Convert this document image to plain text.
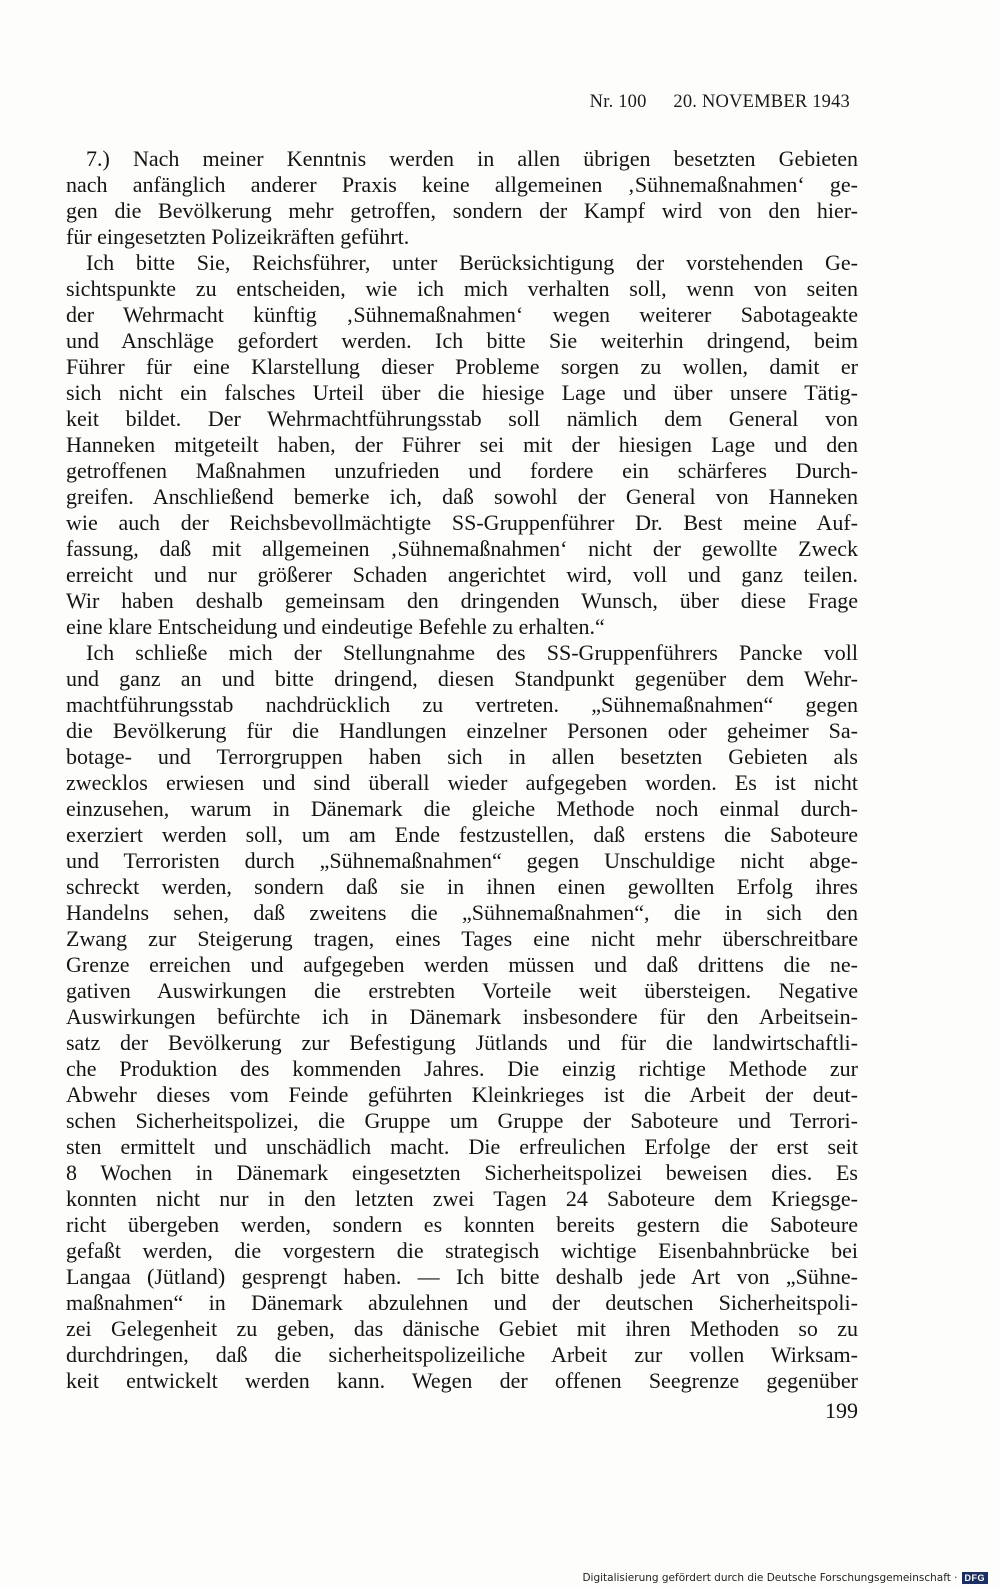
Nr. 100 20. NOVEMBER 1943
7.) Nach meiner Kenntnis werden in allen übrigen besetzten Gebieten
nach anfänglich anderer Praxis keine allgemeinen ‚Sühnemaßnahmen‘ ge-
gen die Bevölkerung mehr getroffen, sondern der Kampf wird von den hier-
für eingesetzten Polizeikräften geführt.
Ich bitte Sie, Reichsführer, unter Berücksichtigung der vorstehenden Ge-
sichtspunkte zu entscheiden, wie ich mich verhalten soll, wenn von seiten
der Wehrmacht künftig ‚Sühnemaßnahmen‘ wegen weiterer Sabotageakte
und Anschläge gefordert werden. Ich bitte Sie weiterhin dringend, beim
Führer für eine Klarstellung dieser Probleme sorgen zu wollen, damit er
sich nicht ein falsches Urteil über die hiesige Lage und über unsere Tätig-
keit bildet. Der Wehrmachtführungsstab soll nämlich dem General von
Hanneken mitgeteilt haben, der Führer sei mit der hiesigen Lage und den
getroffenen Maßnahmen unzufrieden und fordere ein schärferes Durch-
greifen. Anschließend bemerke ich, daß sowohl der General von Hanneken
wie auch der Reichsbevollmächtigte SS-Gruppenführer Dr. Best meine Auf-
fassung, daß mit allgemeinen ‚Sühnemaßnahmen‘ nicht der gewollte Zweck
erreicht und nur größerer Schaden angerichtet wird, voll und ganz teilen.
Wir haben deshalb gemeinsam den dringenden Wunsch, über diese Frage
eine klare Entscheidung und eindeutige Befehle zu erhalten.“
Ich schließe mich der Stellungnahme des SS-Gruppenführers Pancke voll
und ganz an und bitte dringend, diesen Standpunkt gegenüber dem Wehr-
machtführungsstab nachdrücklich zu vertreten. „Sühnemaßnahmen“ gegen
die Bevölkerung für die Handlungen einzelner Personen oder geheimer Sa-
botage- und Terrorgruppen haben sich in allen besetzten Gebieten als
zwecklos erwiesen und sind überall wieder aufgegeben worden. Es ist nicht
einzusehen, warum in Dänemark die gleiche Methode noch einmal durch-
exerziert werden soll, um am Ende festzustellen, daß erstens die Saboteure
und Terroristen durch „Sühnemaßnahmen“ gegen Unschuldige nicht abge-
schreckt werden, sondern daß sie in ihnen einen gewollten Erfolg ihres
Handelns sehen, daß zweitens die „Sühnemaßnahmen“, die in sich den
Zwang zur Steigerung tragen, eines Tages eine nicht mehr überschreitbare
Grenze erreichen und aufgegeben werden müssen und daß drittens die ne-
gativen Auswirkungen die erstrebten Vorteile weit übersteigen. Negative
Auswirkungen befürchte ich in Dänemark insbesondere für den Arbeitsein-
satz der Bevölkerung zur Befestigung Jütlands und für die landwirtschaftli-
che Produktion des kommenden Jahres. Die einzig richtige Methode zur
Abwehr dieses vom Feinde geführten Kleinkrieges ist die Arbeit der deut-
schen Sicherheitspolizei, die Gruppe um Gruppe der Saboteure und Terrori-
sten ermittelt und unschädlich macht. Die erfreulichen Erfolge der erst seit
8 Wochen in Dänemark eingesetzten Sicherheitspolizei beweisen dies. Es
konnten nicht nur in den letzten zwei Tagen 24 Saboteure dem Kriegsge-
richt übergeben werden, sondern es konnten bereits gestern die Saboteure
gefaßt werden, die vorgestern die strategisch wichtige Eisenbahnbrücke bei
Langaa (Jütland) gesprengt haben. — Ich bitte deshalb jede Art von „Sühne-
maßnahmen“ in Dänemark abzulehnen und der deutschen Sicherheitspoli-
zei Gelegenheit zu geben, das dänische Gebiet mit ihren Methoden so zu
durchdringen, daß die sicherheitspolizeiliche Arbeit zur vollen Wirksam-
keit entwickelt werden kann. Wegen der offenen Seegrenze gegenüber
199
Digitalisierung gefördert durch die Deutsche Forschungsgemeinschaft · DFG
